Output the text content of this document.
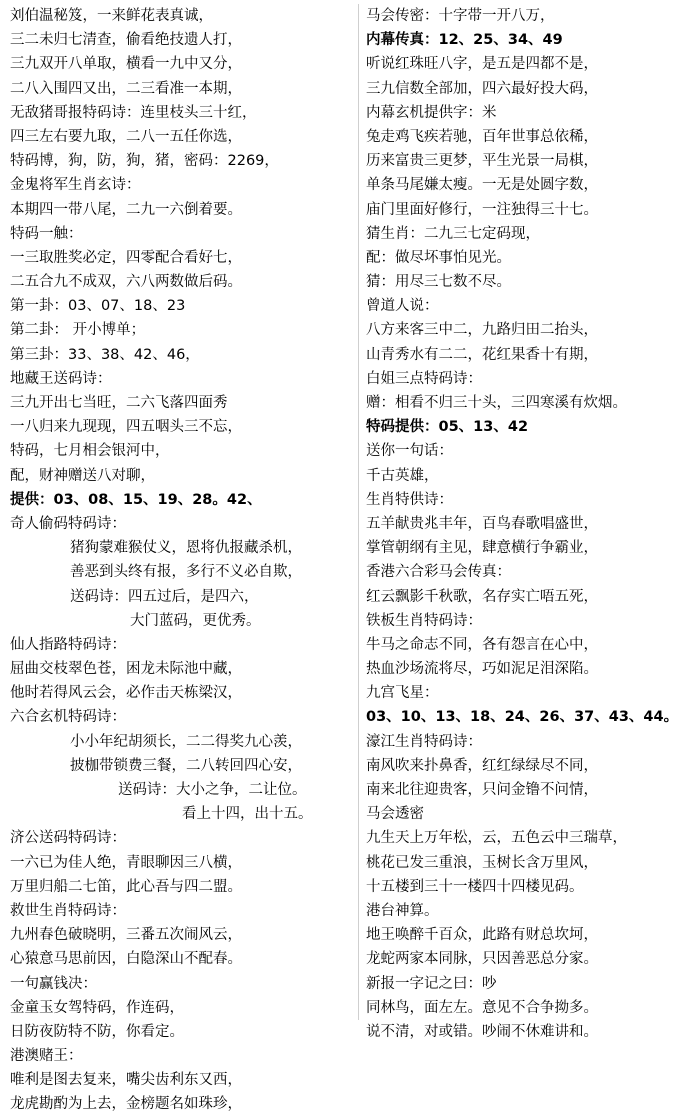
刘伯温秘笈，一来鲜花表真诚，
三二未归七清查，偷看绝技遗人打，
三九双开八单取，横看一九中又分，
二八入围四又出，二三看准一本期，
无敌猪哥报特码诗：连里枝头三十红，
四三左右要九取，二八一五任你选，
特码博，狗，防，狗，猪，密码：2269，
金鬼将军生肖玄诗：
本期四一带八尾，二九一六倒着要。
特码一触：
一三取胜奖必定，四零配合看好七，
二五合九不成双，六八两数做后码。
第一卦：03、07、18、23
第二卦： 开小博单；
第三卦：33、38、42、46，
地藏王送码诗：
三九开出七当旺，二六飞落四面秀
一八归来九现现，四五咽头三不忘，
特码，七月相会银河中，
配，财神赠送八对聊，
提供：03、08、15、19、28。42、
奇人偷码特码诗：
猪狗蒙难猴仗义，恩将仇报藏杀机，
善恶到头终有报，多行不义必自欺，
送码诗：四五过后，是四六，
大门蓝码，更优秀。
仙人指路特码诗：
屈曲交枝翠色苍，困龙未际池中藏，
他时若得风云会，必作击天栋梁汉，
六合玄机特码诗：
小小年纪胡须长，二二得奖九心羡，
披枷带锁费三餐，二八转回四心安，
送码诗：大小之争，二让位。
看上十四，出十五。
济公送码特码诗：
一六已为佳人绝，青眼聊因三八横，
万里归船二七笛，此心吾与四二盟。
救世生肖特码诗：
九州春色破晓明，三番五次闹风云，
心猿意马思前因，白隐深山不配春。
一句赢钱决：
金童玉女驾特码，作连码，
日防夜防特不防，你看定。
港澳赌王：
唯利是图去复来，嘴尖齿利东又西，
龙虎勘酌为上去，金榜题名如珠珍，
马会传密：十字带一开八万，
内幕传真：12、25、34、49
听说红珠旺八字，是五是四都不是，
三九信数全部加，四六最好投大码，
内幕玄机提供字：米
兔走鸡飞疾若驰，百年世事总依稀，
历来富贵三更梦，平生光景一局棋，
单条马尾嫌太瘦。一无是处圆字数，
庙门里面好修行，一注独得三十七。
猜生肖：二九三七定码现，
配：做尽坏事怕见光。
猜：用尽三七数不尽。
曾道人说：
八方来客三中二，九路归田二抬头，
山青秀水有二二，花红果香十有期，
白姐三点特码诗：
赠：相看不归三十头，三四寒溪有炊烟。
特码提供：05、13、42
送你一句话：
千古英雄，
生肖特供诗：
五羊献贵兆丰年，百鸟春歌唱盛世，
掌管朝纲有主见，肆意横行争霸业，
香港六合彩马会传真：
红云飘影千秋歌，名存实亡唔五死，
铁板生肖特码诗：
牛马之命志不同，各有怨言在心中，
热血沙场流将尽，巧如泥足泪深陷。
九宫飞星：
03、10、13、18、24、26、37、43、44。
濠江生肖特码诗：
南风吹来扑鼻香，红红绿绿尽不同，
南来北往迎贵客，只问金镥不问情，
马会透密
九生天上万年松，云，五色云中三瑞草，
桃花已发三重浪，玉树长含万里风，
十五楼到三十一楼四十四楼见码。
港台神算。
地王唤醉千百众，此路有财总坎坷，
龙蛇两家本同脉，只因善恶总分家。
新报一字记之曰：吵
同林鸟，面左左。意见不合争拗多。
说不清，对或错。吵闹不休难讲和。
